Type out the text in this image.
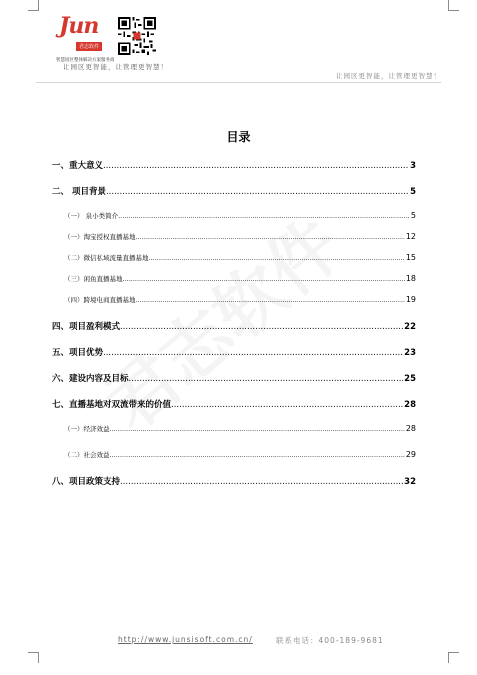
Jun
君志软件
智慧园区整体解决方案服务商
让园区更智能，让管理更智慧！
让园区更智能，让管理更智慧！
目录
一、重大意义 .....	3
二、 项目背景 .....	5
（一） 泉小类简介 .....	5
（一）淘宝授权直播基地 .....	12
（二）微信私域流量直播基地 .....	15
（三）闲鱼直播基地 .....	18
（四）跨境电商直播基地 .....	19
四、项目盈利模式 .....	22
五、项目优势 .....	23
六、建设内容及目标 .....	25
七、直播基地对双流带来的价值 .....	28
（一）经济效益 .....	28
（二）社会效益 .....	29
八、项目政策支持 .....	32
http://www.junsisoft.com.cn/	联系电话：400-189-9681
